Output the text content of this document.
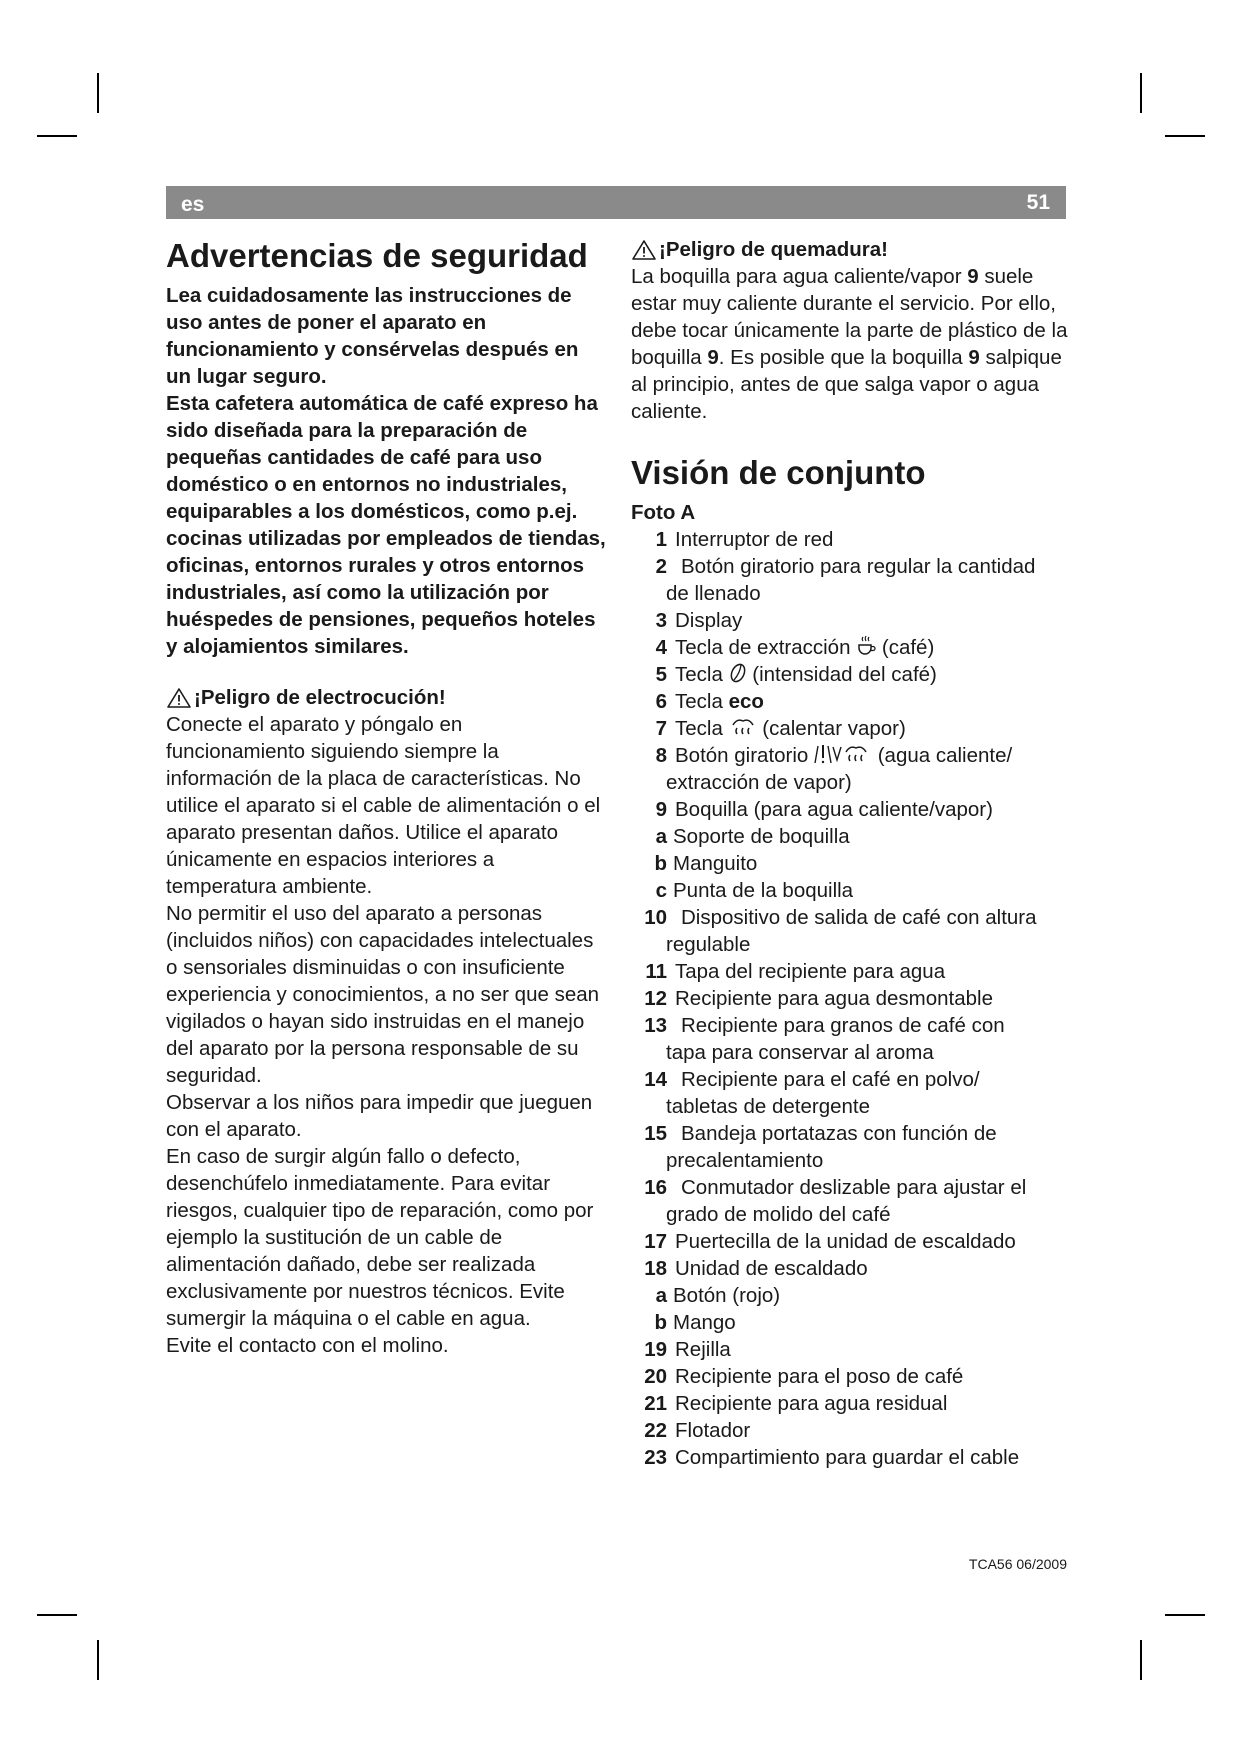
es	51
Advertencias de seguridad

Lea cuidadosamente las instrucciones de uso antes de poner el aparato en funcionamiento y consérvelas después en un lugar seguro.

Esta cafetera automática de café expreso ha sido diseñada para la preparación de pequeñas cantidades de café para uso doméstico o en entornos no industriales, equiparables a los domésticos, como p.ej. cocinas utilizadas por empleados de tiendas, oficinas, entornos rurales y otros entornos industriales, así como la utilización por huéspedes de pensiones, pequeños hoteles y alojamientos similares.

¡Peligro de electrocución!

Conecte el aparato y póngalo en funcionamiento siguiendo siempre la información de la placa de características. No utilice el aparato si el cable de alimentación o el aparato presentan daños. Utilice el aparato únicamente en espacios interiores a temperatura ambiente.

No permitir el uso del aparato a personas (incluidos niños) con capacidades intelectuales o sensoriales disminuidas o con insuficiente experiencia y conocimientos, a no ser que sean vigilados o hayan sido instruidas en el manejo del aparato por la persona responsable de su seguridad.

Observar a los niños para impedir que jueguen con el aparato.

En caso de surgir algún fallo o defecto, desenchúfelo inmediatamente. Para evitar riesgos, cualquier tipo de reparación, como por ejemplo la sustitución de un cable de alimentación dañado, debe ser realizada exclusivamente por nuestros técnicos. Evite sumergir la máquina o el cable en agua.

Evite el contacto con el molino.

¡Peligro de quemadura!

La boquilla para agua caliente/vapor 9 suele estar muy caliente durante el servicio. Por ello, debe tocar únicamente la parte de plástico de la boquilla 9. Es posible que la boquilla 9 salpique al principio, antes de que salga vapor o agua caliente.

Visión de conjunto
Foto A
1 Interruptor de red
2 Botón giratorio para regular la cantidad
de llenado
3 Display
4 Tecla de extracción  (café)
5 Tecla  (intensidad del café)
6 Tecla eco
7 Tecla  (calentar vapor)
8 Botón giratorio	(agua caliente/
extracción de vapor)
9 Boquilla (para agua caliente/vapor)
a Soporte de boquilla
b Manguito
c Punta de la boquilla
10 Dispositivo de salida de café con altura
regulable
11 Tapa del recipiente para agua
12 Recipiente para agua desmontable
13 Recipiente para granos de café con
tapa para conservar al aroma
14 Recipiente para el café en polvo/
tabletas de detergente
15 Bandeja portatazas con función de
precalentamiento
16 Conmutador deslizable para ajustar el
grado de molido del café
17 Puertecilla de la unidad de escaldado
18 Unidad de escaldado
a Botón (rojo)
b Mango
19 Rejilla
20 Recipiente para el poso de café
21 Recipiente para agua residual
22 Flotador
23 Compartimiento para guardar el cable
TCA56 06/2009
